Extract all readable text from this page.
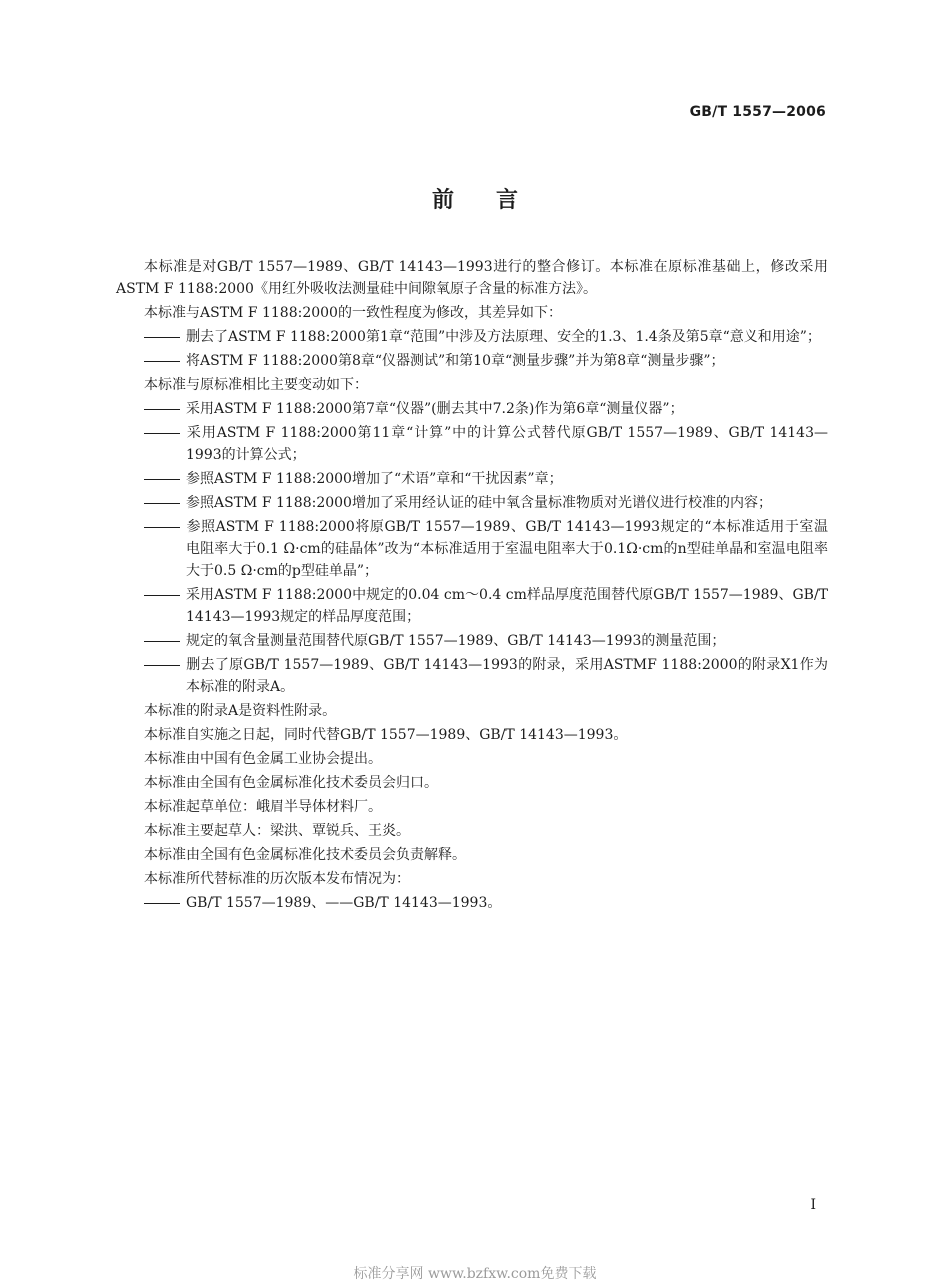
GB/T 1557—2006
前言
本标准是对GB/T 1557—1989、GB/T 14143—1993进行的整合修订。本标准在原标准基础上，修改采用ASTM F 1188:2000《用红外吸收法测量硅中间隙氧原子含量的标准方法》。
本标准与ASTM F 1188:2000的一致性程度为修改，其差异如下：
删去了ASTM F 1188:2000第1章“范围”中涉及方法原理、安全的1.3、1.4条及第5章“意义和用途”；
将ASTM F 1188:2000第8章“仪器测试”和第10章“测量步骤”并为第8章“测量步骤”；
本标准与原标准相比主要变动如下：
采用ASTM F 1188:2000第7章“仪器”(删去其中7.2条)作为第6章“测量仪器”；
采用ASTM F 1188:2000第11章“计算”中的计算公式替代原GB/T 1557—1989、GB/T 14143—1993的计算公式；
参照ASTM F 1188:2000增加了“术语”章和“干扰因素”章；
参照ASTM F 1188:2000增加了采用经认证的硅中氧含量标准物质对光谱仪进行校准的内容；
参照ASTM F 1188:2000将原GB/T 1557—1989、GB/T 14143—1993规定的“本标准适用于室温电阻率大于0.1 Ω·cm的硅晶体”改为“本标准适用于室温电阻率大于0.1Ω·cm的n型硅单晶和室温电阻率大于0.5 Ω·cm的p型硅单晶”；
采用ASTM F 1188:2000中规定的0.04 cm～0.4 cm样品厚度范围替代原GB/T 1557—1989、GB/T 14143—1993规定的样品厚度范围；
规定的氧含量测量范围替代原GB/T 1557—1989、GB/T 14143—1993的测量范围；
删去了原GB/T 1557—1989、GB/T 14143—1993的附录，采用ASTMF 1188:2000的附录X1作为本标准的附录A。
本标准的附录A是资料性附录。
本标准自实施之日起，同时代替GB/T 1557—1989、GB/T 14143—1993。
本标准由中国有色金属工业协会提出。
本标准由全国有色金属标准化技术委员会归口。
本标准起草单位：峨眉半导体材料厂。
本标准主要起草人：梁洪、覃锐兵、王炎。
本标准由全国有色金属标准化技术委员会负责解释。
本标准所代替标准的历次版本发布情况为：
GB/T 1557—1989、——GB/T 14143—1993。
I
标准分享网 www.bzfxw.com免费下载
